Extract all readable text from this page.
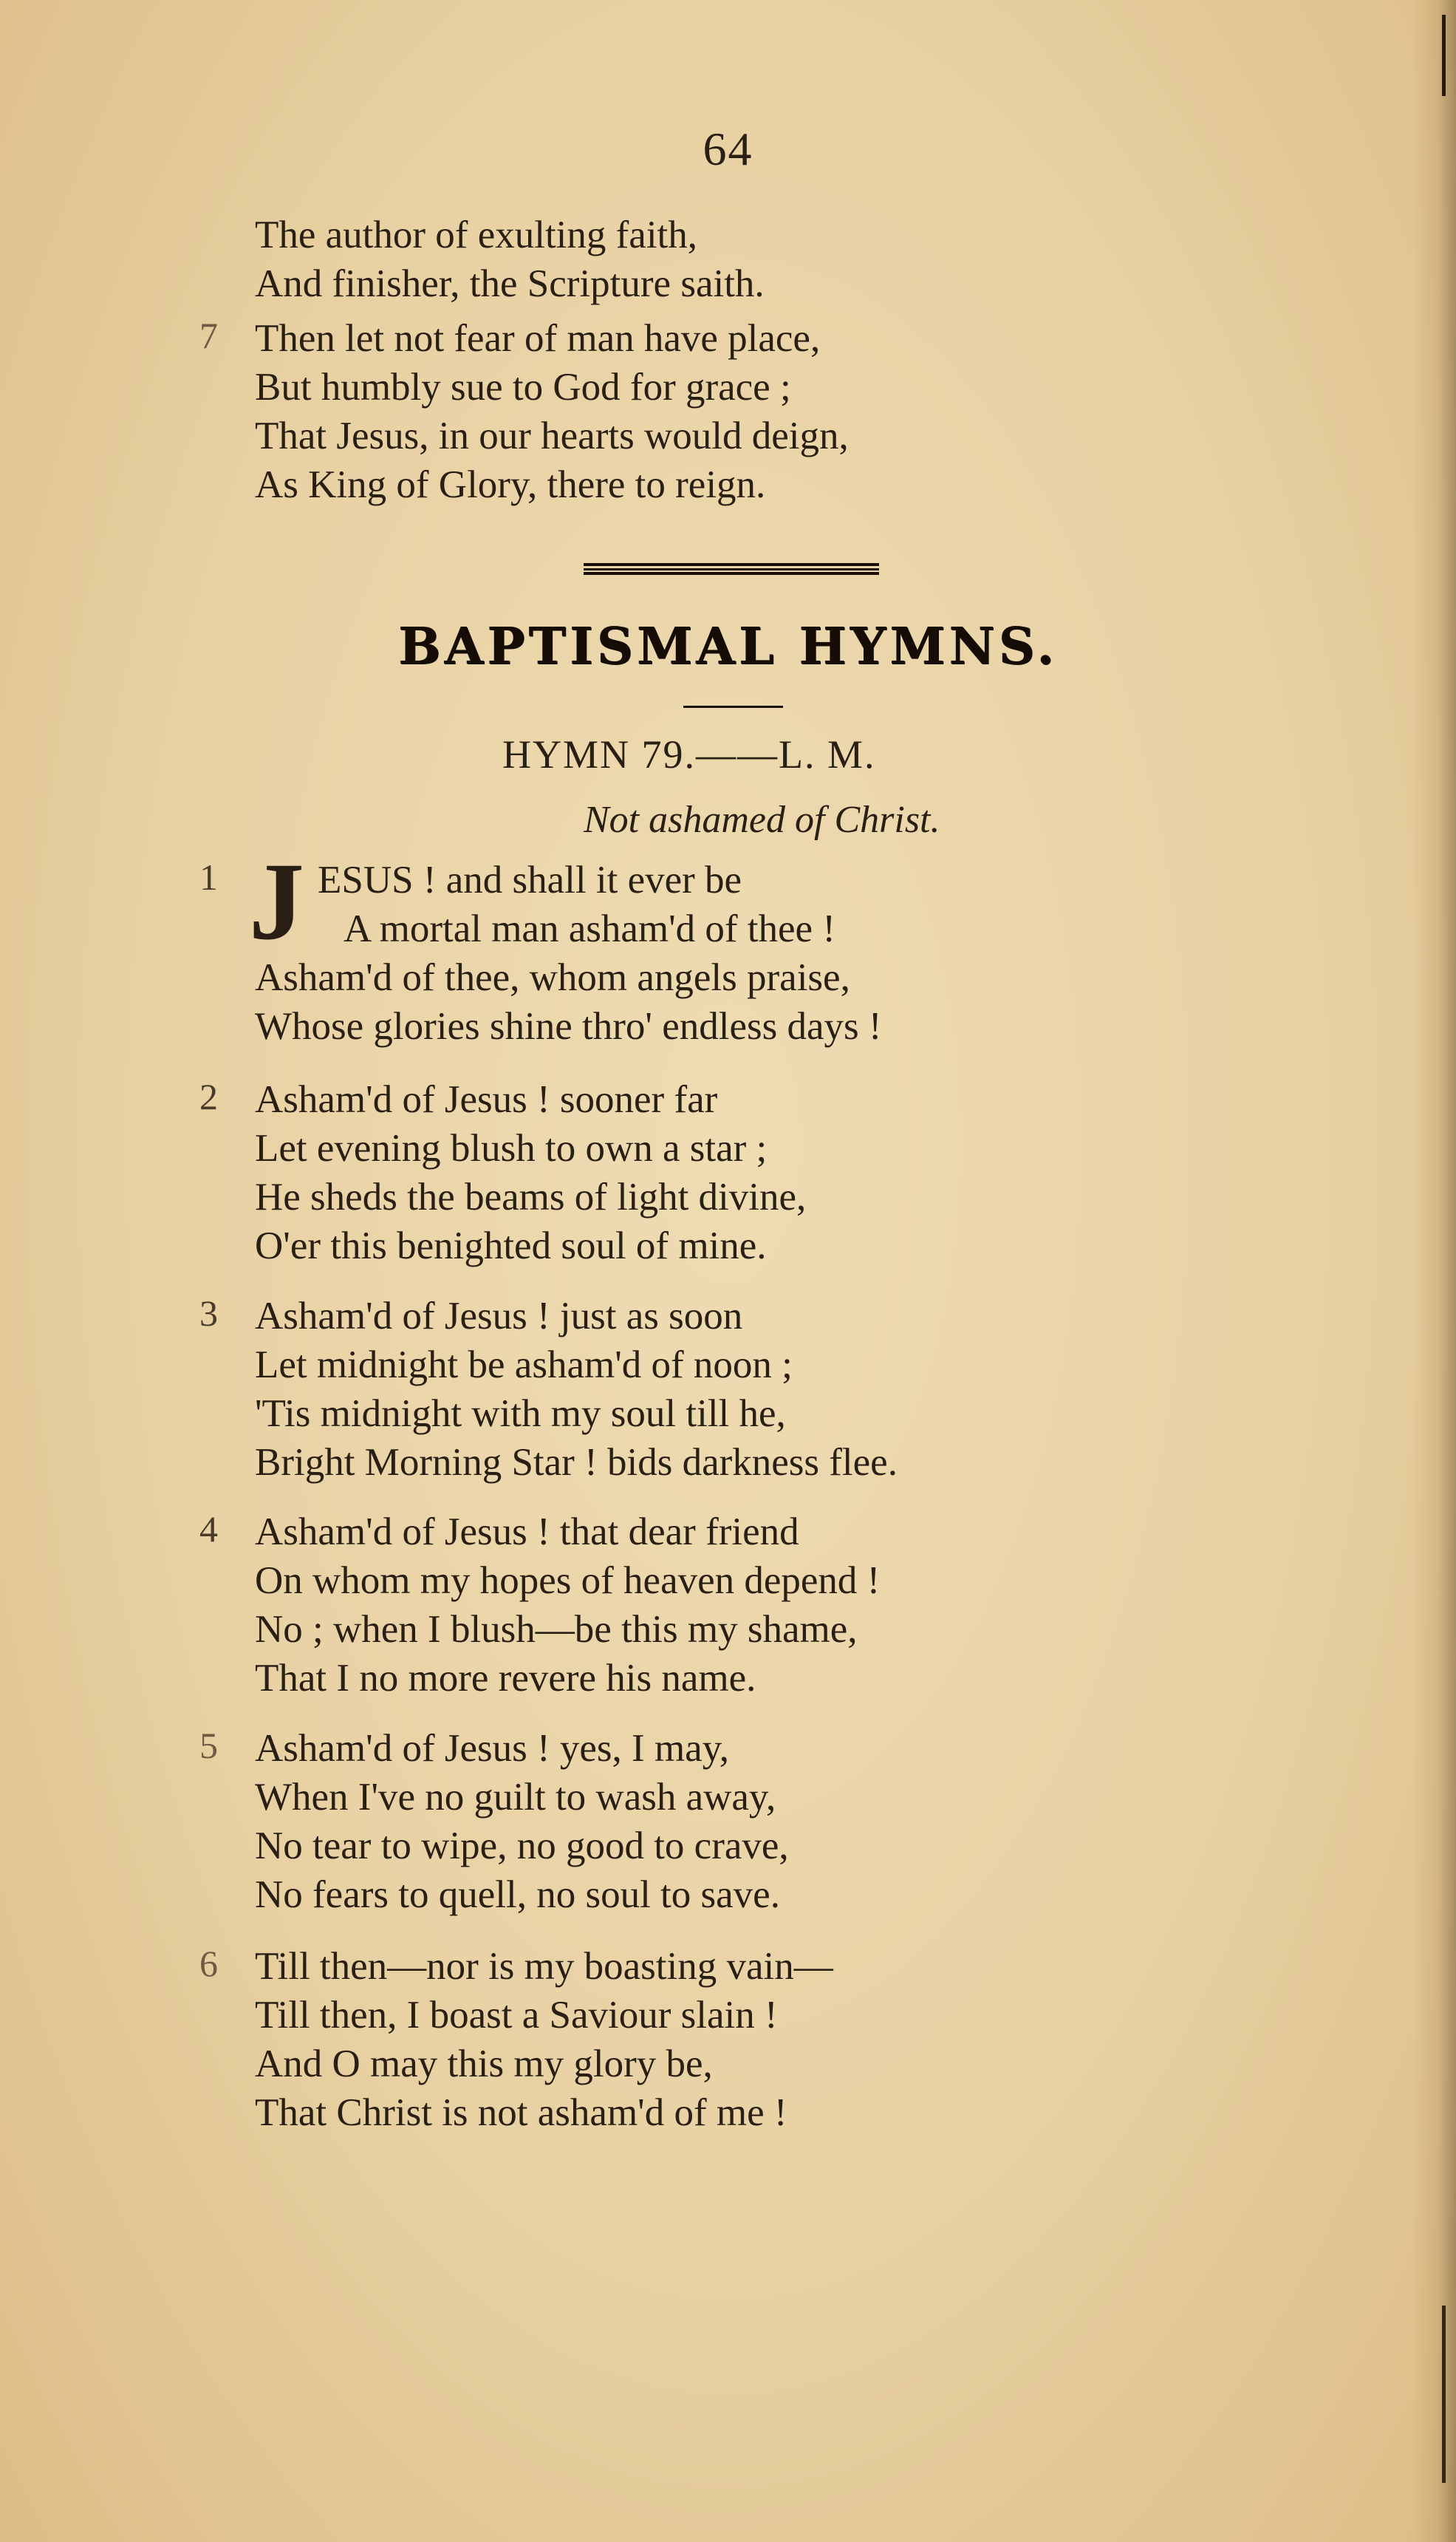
64
The author of exulting faith,
And finisher, the Scripture saith.
7 Then let not fear of man have place,
But humbly sue to God for grace ;
That Jesus, in our hearts would deign,
As King of Glory, there to reign.
BAPTISMAL HYMNS.
HYMN 79.——L. M.
Not ashamed of Christ.
1 J ESUS ! and shall it ever be
A mortal man asham'd of thee !
Asham'd of thee, whom angels praise,
Whose glories shine thro' endless days !
2 Asham'd of Jesus ! sooner far
Let evening blush to own a star ;
He sheds the beams of light divine,
O'er this benighted soul of mine.
3 Asham'd of Jesus ! just as soon
Let midnight be asham'd of noon ;
'Tis midnight with my soul till he,
Bright Morning Star ! bids darkness flee.
4 Asham'd of Jesus ! that dear friend
On whom my hopes of heaven depend !
No ; when I blush—be this my shame,
That I no more revere his name.
5 Asham'd of Jesus ! yes, I may,
When I've no guilt to wash away,
No tear to wipe, no good to crave,
No fears to quell, no soul to save.
6 Till then—nor is my boasting vain—
Till then, I boast a Saviour slain !
And O may this my glory be,
That Christ is not asham'd of me !
